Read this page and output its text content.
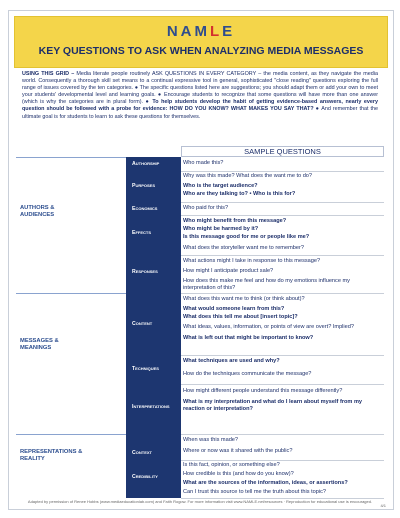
NAMLE
KEY QUESTIONS TO ASK WHEN ANALYZING MEDIA MESSAGES
USING THIS GRID – Media literate people routinely ASK QUESTIONS IN EVERY CATEGORY – the media content, as they navigate the media world. Consequently a thorough skill set means to a continual expressive tool in general, sophisticated "close reading" questions exploring the full range of issues covered by the ten categories. ● The specific questions listed here are suggestions; you should adapt them or add your own to meet your students' developmental level and learning goals. ● Encourage students to recognize that some questions will have more than one answer (which is why the categories are in plural form). ● To help students develop the habit of getting evidence-based answers, nearly every question should be followed with a probe for evidence: HOW DO YOU KNOW? WHAT MAKES YOU SAY THAT? ● And remember that the ultimate goal is for students to learn to ask these questions for themselves.
SAMPLE QUESTIONS
AUTHORS & AUDIENCES
MESSAGES & MEANINGS
REPRESENTATIONS & REALITY
Authorship
Purposes
Economics
Effects
Responses
Content
Techniques
Interpretations
Context
Credibility
Who made this?
Why was this made? What does the want me to do?
Who is the target audience?
Who are they talking to? • Who is this for?
Who paid for this?
Who might benefit from this message?
Who might be harmed by it?
Is this message good for me or people like me?
What does the storyteller want me to remember?
What actions might I take in response to this message?
How might I anticipate product sale?
How does this make me feel and how do my emotions influence my interpretation of this?
What does this want me to think (or think about)?
What would someone learn from this?
What does this tell me about [insert topic]?
What ideas, values, information, or points of view are overt? Implied?
What is left out that might be important to know?
What techniques are used and why?
How do the techniques communicate the message?
How might different people understand this message differently?
What is my interpretation and what do I learn about myself from my reaction or interpretation?
When was this made?
Where or now was it shared with the public?
Is this fact, opinion, or something else?
How credible is this (and how do you know)?
What are the sources of the information, ideas, or assertions?
Can I trust this source to tell me the truth about this topic?
Adapted by permission of Renee Hobbs (www.mediaeducationlab.com) and Faith Rogow. For more information visit www.NAMLE.net/resources · Reproduction for educational use is encouraged.
4/1
